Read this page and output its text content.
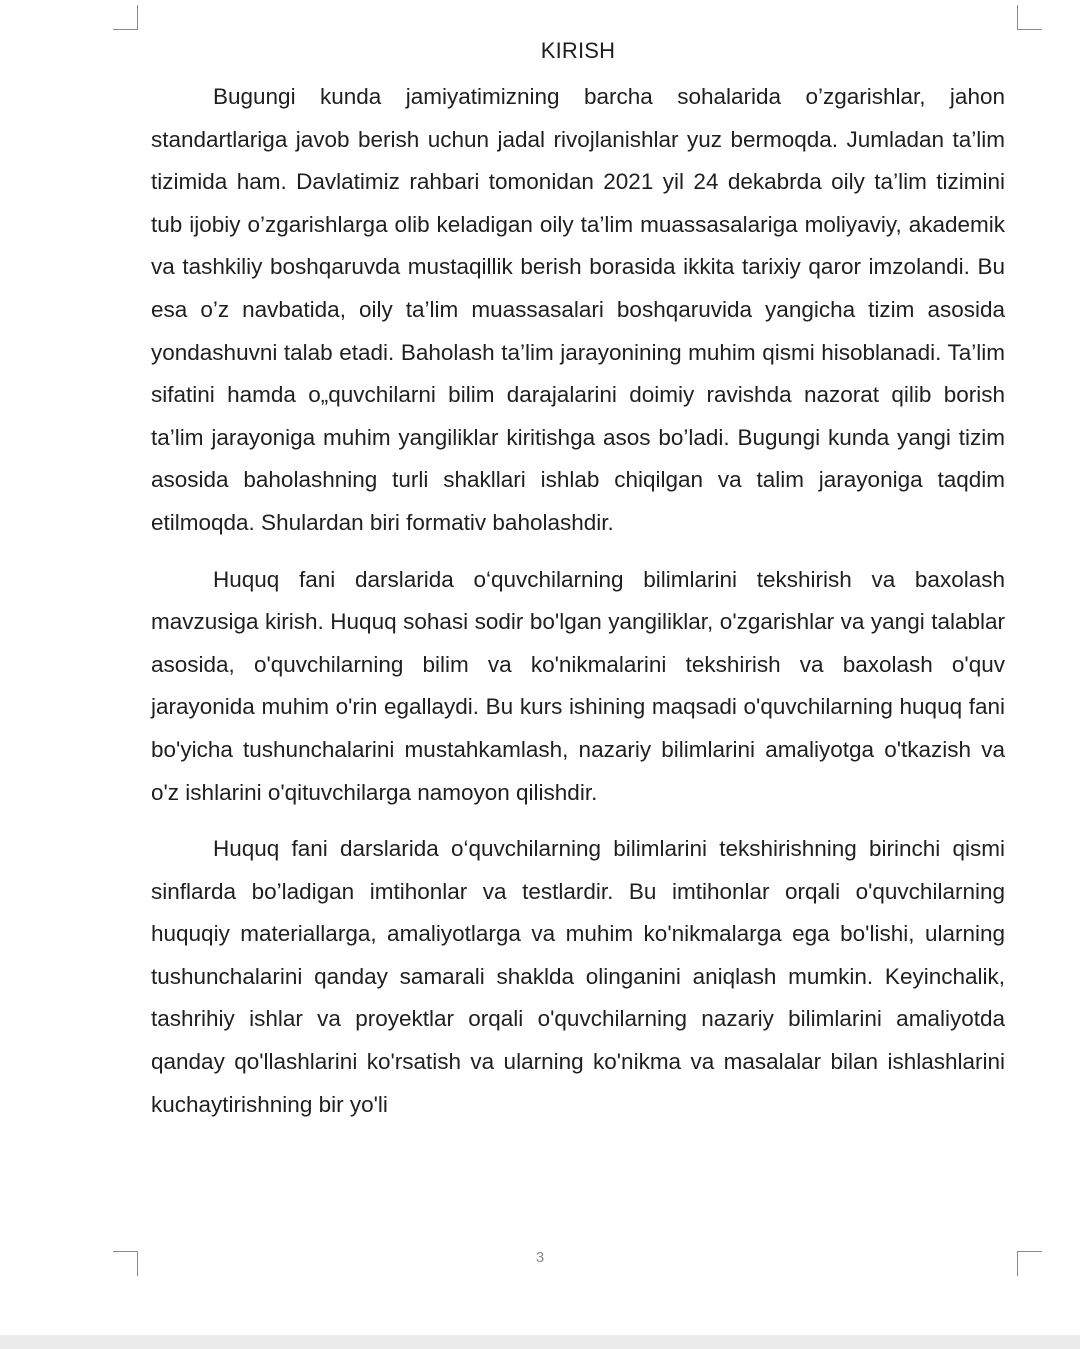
KIRISH

Bugungi kunda jamiyatimizning barcha sohalarida o’zgarishlar, jahon standartlariga javob berish uchun jadal rivojlanishlar yuz bermoqda. Jumladan ta’lim tizimida ham. Davlatimiz rahbari tomonidan 2021 yil 24 dekabrda oily ta’lim tizimini tub ijobiy o’zgarishlarga olib keladigan oily ta’lim muassasalariga moliyaviy, akademik va tashkiliy boshqaruvda mustaqillik berish borasida ikkita tarixiy qaror imzolandi. Bu esa o’z navbatida, oily ta’lim muassasalari boshqaruvida yangicha tizim asosida yondashuvni talab etadi. Baholash ta’lim jarayonining muhim qismi hisoblanadi. Ta’lim sifatini hamda o„quvchilarni bilim darajalarini doimiy ravishda nazorat qilib borish ta’lim jarayoniga muhim yangiliklar kiritishga asos bo’ladi. Bugungi kunda yangi tizim asosida baholashning turli shakllari ishlab chiqilgan va talim jarayoniga taqdim etilmoqda. Shulardan biri formativ baholashdir.

Huquq fani darslarida o‘quvchilarning bilimlarini tekshirish va baxolash mavzusiga kirish. Huquq sohasi sodir bo'lgan yangiliklar, o'zgarishlar va yangi talablar asosida, o'quvchilarning bilim va ko'nikmalarini tekshirish va baxolash o'quv jarayonida muhim o'rin egallaydi. Bu kurs ishining maqsadi o'quvchilarning huquq fani bo'yicha tushunchalarini mustahkamlash, nazariy bilimlarini amaliyotga o'tkazish va o'z ishlarini o'qituvchilarga namoyon qilishdir.

Huquq fani darslarida o‘quvchilarning bilimlarini tekshirishning birinchi qismi sinflarda bo’ladigan imtihonlar va testlardir. Bu imtihonlar orqali o'quvchilarning huquqiy materiallarga, amaliyotlarga va muhim ko'nikmalarga ega bo'lishi, ularning tushunchalarini qanday samarali shaklda olinganini aniqlash mumkin. Keyinchalik, tashrihiy ishlar va proyektlar orqali o'quvchilarning nazariy bilimlarini amaliyotda qanday qo'llashlarini ko'rsatish va ularning ko'nikma va masalalar bilan ishlashlarini kuchaytirishning bir yo'li

3
